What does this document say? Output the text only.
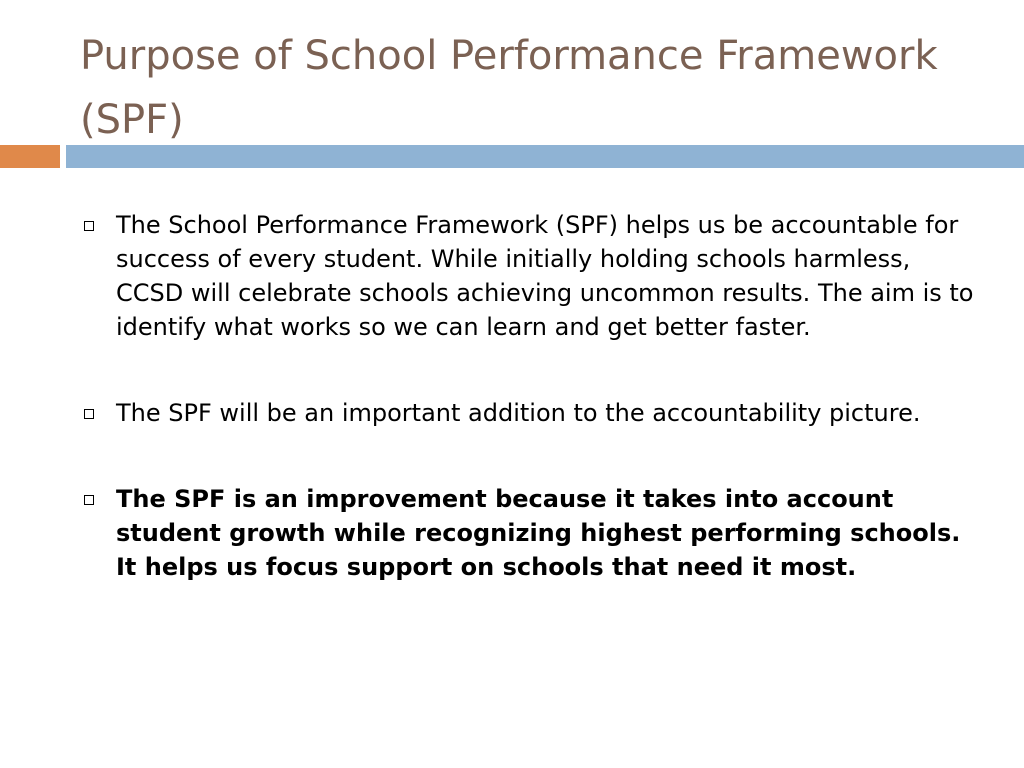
Purpose of School Performance Framework (SPF)
The School Performance Framework (SPF) helps us be accountable for success of every student. While initially holding schools harmless, CCSD will celebrate schools achieving uncommon results. The aim is to identify what works so we can learn and get better faster.
The SPF will be an important addition to the accountability picture.
The SPF is an improvement because it takes into account student growth while recognizing highest performing schools. It helps us focus support on schools that need it most.
